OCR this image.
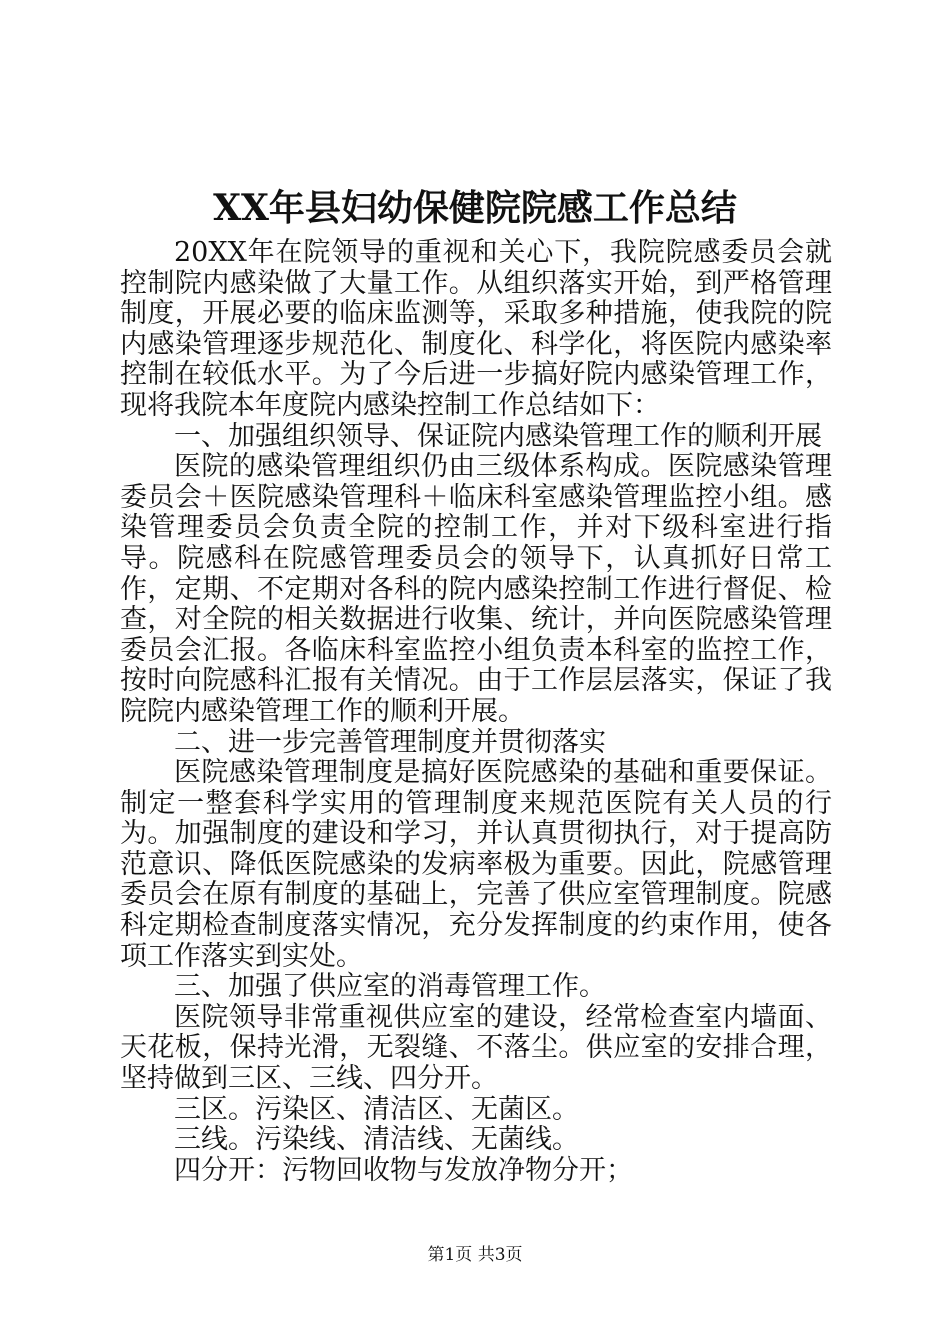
XX年县妇幼保健院院感工作总结

20XX年在院领导的重视和关心下，我院院感委员会就控制院内感染做了大量工作。从组织落实开始，到严格管理制度，开展必要的临床监测等，采取多种措施，使我院的院内感染管理逐步规范化、制度化、科学化，将医院内感染率控制在较低水平。为了今后进一步搞好院内感染管理工作，现将我院本年度院内感染控制工作总结如下：

一、加强组织领导、保证院内感染管理工作的顺利开展

医院的感染管理组织仍由三级体系构成。医院感染管理委员会＋医院感染管理科＋临床科室感染管理监控小组。感染管理委员会负责全院的控制工作，并对下级科室进行指导。院感科在院感管理委员会的领导下，认真抓好日常工作，定期、不定期对各科的院内感染控制工作进行督促、检查，对全院的相关数据进行收集、统计，并向医院感染管理委员会汇报。各临床科室监控小组负责本科室的监控工作，按时向院感科汇报有关情况。由于工作层层落实，保证了我院院内感染管理工作的顺利开展。

二、进一步完善管理制度并贯彻落实

医院感染管理制度是搞好医院感染的基础和重要保证。制定一整套科学实用的管理制度来规范医院有关人员的行为。加强制度的建设和学习，并认真贯彻执行，对于提高防范意识、降低医院感染的发病率极为重要。因此，院感管理委员会在原有制度的基础上，完善了供应室管理制度。院感科定期检查制度落实情况，充分发挥制度的约束作用，使各项工作落实到实处。

三、加强了供应室的消毒管理工作。

医院领导非常重视供应室的建设，经常检查室内墙面、天花板，保持光滑，无裂缝、不落尘。供应室的安排合理，坚持做到三区、三线、四分开。

三区。污染区、清洁区、无菌区。

三线。污染线、清洁线、无菌线。

四分开：污物回收物与发放净物分开；

第1页 共3页
